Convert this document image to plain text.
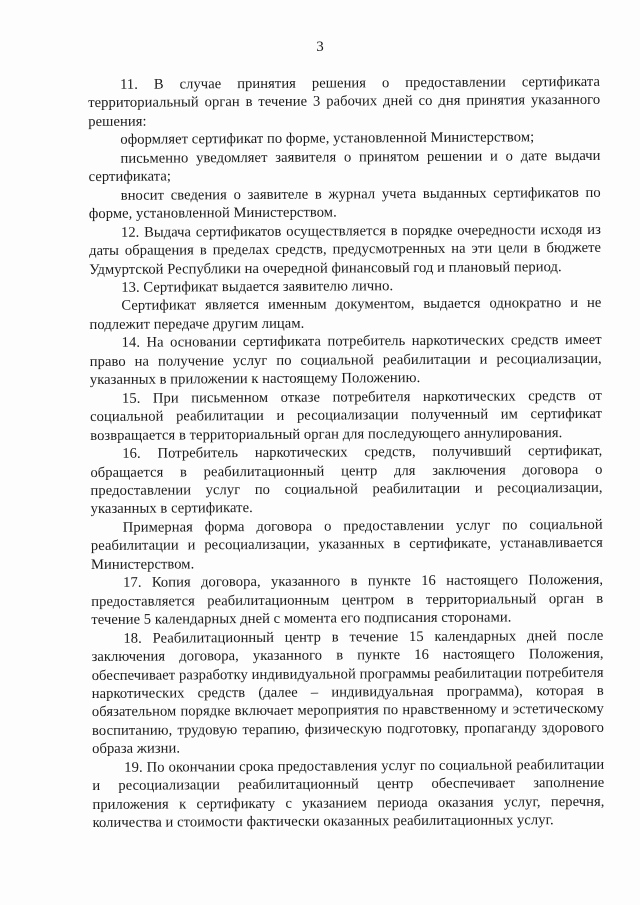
3

11. В случае принятия решения о предоставлении сертификата территориальный орган в течение 3 рабочих дней со дня принятия указанного решения:

оформляет сертификат по форме, установленной Министерством;

письменно уведомляет заявителя о принятом решении и о дате выдачи сертификата;

вносит сведения о заявителе в журнал учета выданных сертификатов по форме, установленной Министерством.

12. Выдача сертификатов осуществляется в порядке очередности исходя из даты обращения в пределах средств, предусмотренных на эти цели в бюджете Удмуртской Республики на очередной финансовый год и плановый период.

13. Сертификат выдается заявителю лично.

Сертификат является именным документом, выдается однократно и не подлежит передаче другим лицам.

14. На основании сертификата потребитель наркотических средств имеет право на получение услуг по социальной реабилитации и ресоциализации, указанных в приложении к настоящему Положению.

15. При письменном отказе потребителя наркотических средств от социальной реабилитации и ресоциализации полученный им сертификат возвращается в территориальный орган для последующего аннулирования.

16. Потребитель наркотических средств, получивший сертификат, обращается в реабилитационный центр для заключения договора о предоставлении услуг по социальной реабилитации и ресоциализации, указанных в сертификате.

Примерная форма договора о предоставлении услуг по социальной реабилитации и ресоциализации, указанных в сертификате, устанавливается Министерством.

17. Копия договора, указанного в пункте 16 настоящего Положения, предоставляется реабилитационным центром в территориальный орган в течение 5 календарных дней с момента его подписания сторонами.

18. Реабилитационный центр в течение 15 календарных дней после заключения договора, указанного в пункте 16 настоящего Положения, обеспечивает разработку индивидуальной программы реабилитации потребителя наркотических средств (далее – индивидуальная программа), которая в обязательном порядке включает мероприятия по нравственному и эстетическому воспитанию, трудовую терапию, физическую подготовку, пропаганду здорового образа жизни.

19. По окончании срока предоставления услуг по социальной реабилитации и ресоциализации реабилитационный центр обеспечивает заполнение приложения к сертификату с указанием периода оказания услуг, перечня, количества и стоимости фактически оказанных реабилитационных услуг.
